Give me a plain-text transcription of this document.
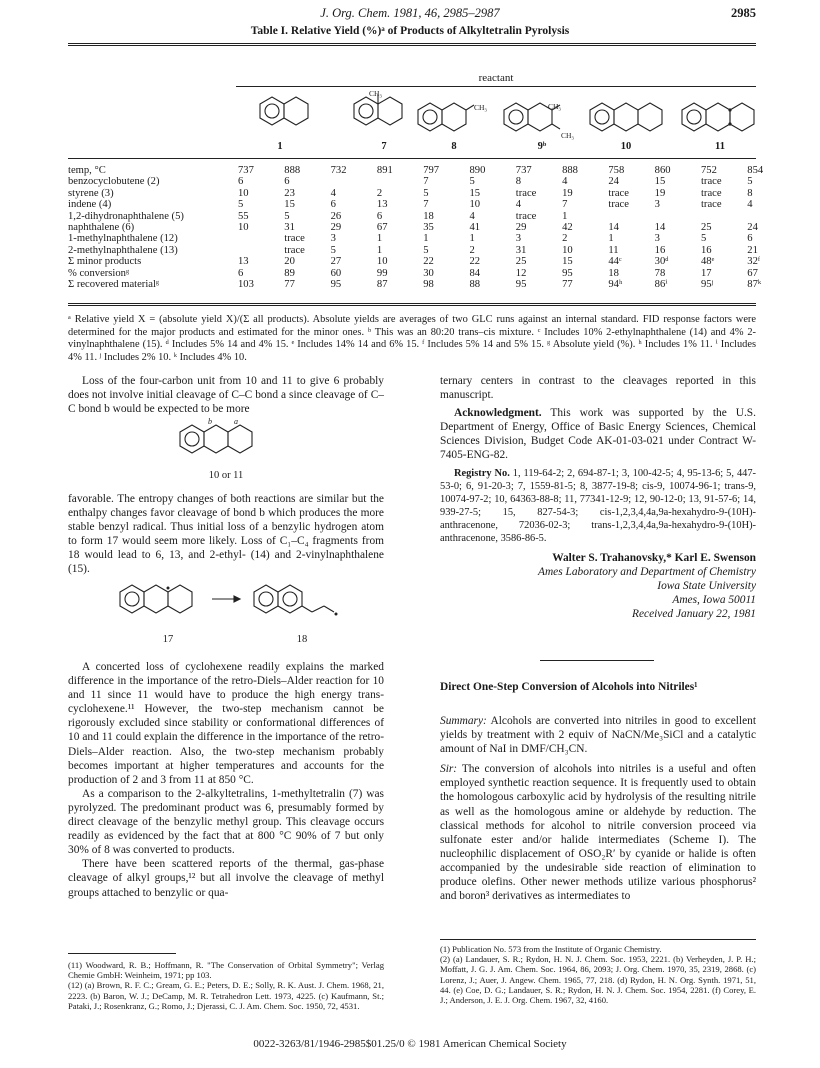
J. Org. Chem. 1981, 46, 2985–2987	2985
Table I. Relative Yield (%)ᵃ of Products of Alkyltetralin Pyrolysis
reactant
1
CH₃
7
CH₃
8
CH₃
CH₃
9ᵇ	10	11
temp, °C	737	888	732	891	797	890	737	888	758	860	752	854
benzocyclobutene (2)	6	6			7	5	8	4	24	15	trace	5
styrene (3)	10	23	4	2	5	15	trace	19	trace	19	trace	8
indene (4)	5	15	6	13	7	10	4	7	trace	3	trace	4
1,2-dihydronaphthalene (5)	55	5	26	6	18	4	trace	1				
naphthalene (6)	10	31	29	67	35	41	29	42	14	14	25	24
1-methylnaphthalene (12)		trace	3	1	1	1	3	2	1	3	5	6
2-methylnaphthalene (13)		trace	5	1	5	2	31	10	11	16	16	21
Σ minor products	13	20	27	10	22	22	25	15	44ᶜ	30ᵈ	48ᵉ	32ᶠ
% conversionᵍ	6	89	60	99	30	84	12	95	18	78	17	67
Σ recovered materialᵍ	103	77	95	87	98	88	95	77	94ʰ	86ⁱ	95ʲ	87ᵏ
ᵃ Relative yield X = (absolute yield X)/(Σ all products). Absolute yields are averages of two GLC runs against an internal standard. FID response factors were determined for the major products and estimated for the minor ones. ᵇ This was an 80:20 trans–cis mixture. ᶜ Includes 10% 2-ethylnaphthalene (14) and 4% 2-vinylnaphthalene (15). ᵈ Includes 5% 14 and 4% 15. ᵉ Includes 14% 14 and 6% 15. ᶠ Includes 5% 14 and 5% 15. ᵍ Absolute yield (%). ʰ Includes 1% 11. ⁱ Includes 4% 11. ʲ Includes 2% 10. ᵏ Includes 4% 10.

Loss of the four-carbon unit from 10 and 11 to give 6 probably does not involve initial cleavage of C–C bond a since cleavage of C–C bond b would be expected to be more

b	a
10 or 11

favorable. The entropy changes of both reactions are similar but the enthalpy changes favor cleavage of bond b which produces the more stable benzyl radical. Thus initial loss of a benzylic hydrogen atom to form 17 would seem more likely. Loss of C₁–C₄ fragments from 18 would lead to 6, 13, and 2-ethyl- (14) and 2-vinylnaphthalene (15).

17	18

A concerted loss of cyclohexene readily explains the marked difference in the importance of the retro-Diels–Alder reaction for 10 and 11 since 11 would have to produce the high energy trans-cyclohexene.¹¹ However, the two-step mechanism cannot be rigorously excluded since stability or conformational differences of 10 and 11 could explain the difference in the importance of the retro-Diels–Alder reaction. Also, the two-step mechanism probably becomes important at higher temperatures and accounts for the production of 2 and 3 from 11 at 850 °C.

As a comparison to the 2-alkyltetralins, 1-methyltetralin (7) was pyrolyzed. The predominant product was 6, presumably formed by direct cleavage of the benzylic methyl group. This cleavage occurs readily as evidenced by the fact that at 800 °C 90% of 7 but only 30% of 8 was converted to products.

There have been scattered reports of the thermal, gas-phase cleavage of alkyl groups,¹² but all involve the cleavage of methyl groups attached to benzylic or qua-

(11) Woodward, R. B.; Hoffmann, R. "The Conservation of Orbital Symmetry"; Verlag Chemie GmbH: Weinheim, 1971; pp 103.
(12) (a) Brown, R. F. C.; Gream, G. E.; Peters, D. E.; Solly, R. K. Aust. J. Chem. 1968, 21, 2223. (b) Baron, W. J.; DeCamp, M. R. Tetrahedron Lett. 1973, 4225. (c) Kaufmann, St.; Pataki, J.; Rosenkranz, G.; Romo, J.; Djerassi, C. J. Am. Chem. Soc. 1950, 72, 4531.

ternary centers in contrast to the cleavages reported in this manuscript.

Acknowledgment. This work was supported by the U.S. Department of Energy, Office of Basic Energy Sciences, Chemical Sciences Division, Budget Code AK-01-03-021 under Contract W-7405-ENG-82.

Registry No. 1, 119-64-2; 2, 694-87-1; 3, 100-42-5; 4, 95-13-6; 5, 447-53-0; 6, 91-20-3; 7, 1559-81-5; 8, 3877-19-8; cis-9, 10074-96-1; trans-9, 10074-97-2; 10, 64363-88-8; 11, 77341-12-9; 12, 90-12-0; 13, 91-57-6; 14, 939-27-5; 15, 827-54-3; cis-1,2,3,4,4a,9a-hexahydro-9-(10H)-anthracenone, 72036-02-3; trans-1,2,3,4,4a,9a-hexahydro-9-(10H)-anthracenone, 3586-86-5.

Walter S. Trahanovsky,* Karl E. Swenson
Ames Laboratory and Department of Chemistry
Iowa State University
Ames, Iowa 50011
Received January 22, 1981
Direct One-Step Conversion of Alcohols into Nitriles¹

Summary: Alcohols are converted into nitriles in good to excellent yields by treatment with 2 equiv of NaCN/Me₃SiCl and a catalytic amount of NaI in DMF/CH₃CN.

Sir: The conversion of alcohols into nitriles is a useful and often employed synthetic reaction sequence. It is frequently used to obtain the homologous carboxylic acid by hydrolysis of the resulting nitrile as well as the homologous amine or aldehyde by reduction. The classical methods for alcohol to nitrile conversion proceed via sulfonate ester and/or halide intermediates (Scheme I). The nucleophilic displacement of OSO₂R′ by cyanide or halide is often accompanied by the undesirable side reaction of elimination to produce olefins. Other newer methods utilize various phosphorus² and boron³ derivatives as intermediates to

(1) Publication No. 573 from the Institute of Organic Chemistry.
(2) (a) Landauer, S. R.; Rydon, H. N. J. Chem. Soc. 1953, 2221. (b) Verheyden, J. P. H.; Moffatt, J. G. J. Am. Chem. Soc. 1964, 86, 2093; J. Org. Chem. 1970, 35, 2319, 2868. (c) Lorenz, J.; Auer, J. Angew. Chem. 1965, 77, 218. (d) Rydon, H. N. Org. Synth. 1971, 51, 44. (e) Coe, D. G.; Landauer, S. R.; Rydon, H. N. J. Chem. Soc. 1954, 2281. (f) Corey, E. J.; Anderson, J. E. J. Org. Chem. 1967, 32, 4160.
0022-3263/81/1946-2985$01.25/0 © 1981 American Chemical Society
